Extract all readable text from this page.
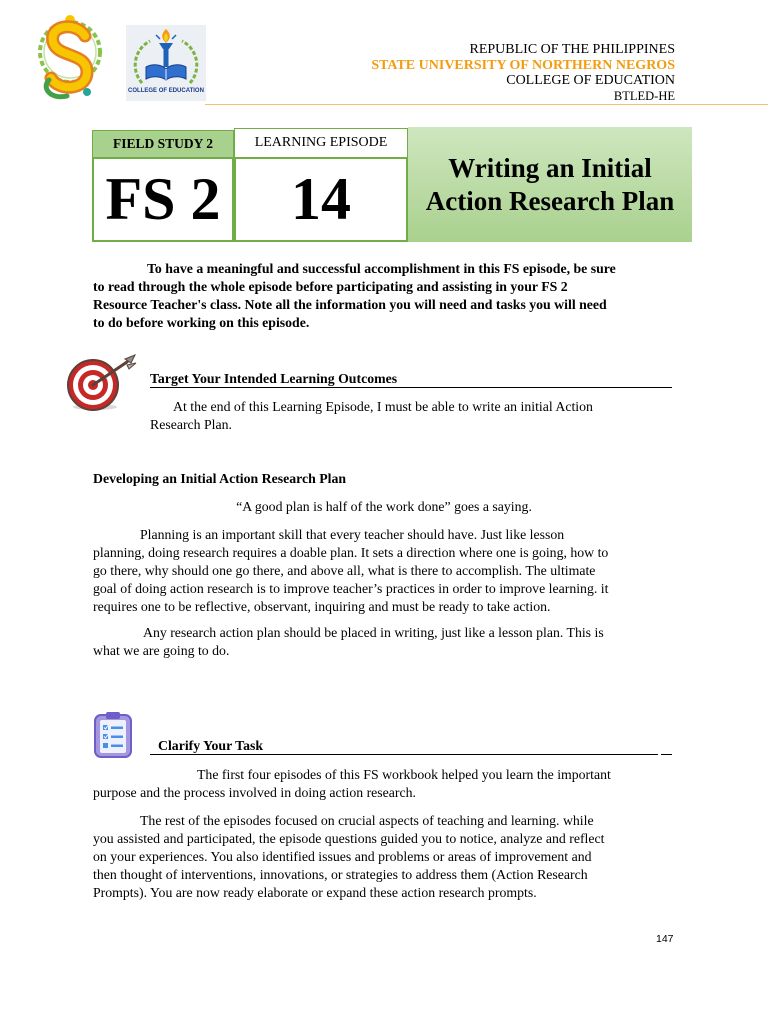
COLLEGE OF EDUCATION
REPUBLIC OF THE PHILIPPINES
STATE UNIVERSITY OF NORTHERN NEGROS
COLLEGE OF EDUCATION
BTLED-HE
FIELD STUDY 2
FS 2
LEARNING EPISODE
14	Writing an Initial
Action Research Plan
To have a meaningful and successful accomplishment in this FS episode, be sure
to read through the whole episode before participating and assisting in your FS 2
Resource Teacher's class. Note all the information you will need and tasks you will need
to do before working on this episode.
Target Your Intended Learning Outcomes
At the end of this Learning Episode, I must be able to write an initial Action
Research Plan.
Developing an Initial Action Research Plan
“A good plan is half of the work done” goes a saying.
Planning is an important skill that every teacher should have. Just like lesson
planning, doing research requires a doable plan. It sets a direction where one is going, how to
go there, why should one go there, and above all, what is there to accomplish. The ultimate
goal of doing action research is to improve teacher’s practices in order to improve learning. it
requires one to be reflective, observant, inquiring and must be ready to take action.
Any research action plan should be placed in writing, just like a lesson plan. This is
what we are going to do.
Clarify Your Task
The first four episodes of this FS workbook helped you learn the important
purpose and the process involved in doing action research.
The rest of the episodes focused on crucial aspects of teaching and learning. while
you assisted and participated, the episode questions guided you to notice, analyze and reflect
on your experiences. You also identified issues and problems or areas of improvement and
then thought of interventions, innovations, or strategies to address them (Action Research
Prompts). You are now ready elaborate or expand these action research prompts.
147
